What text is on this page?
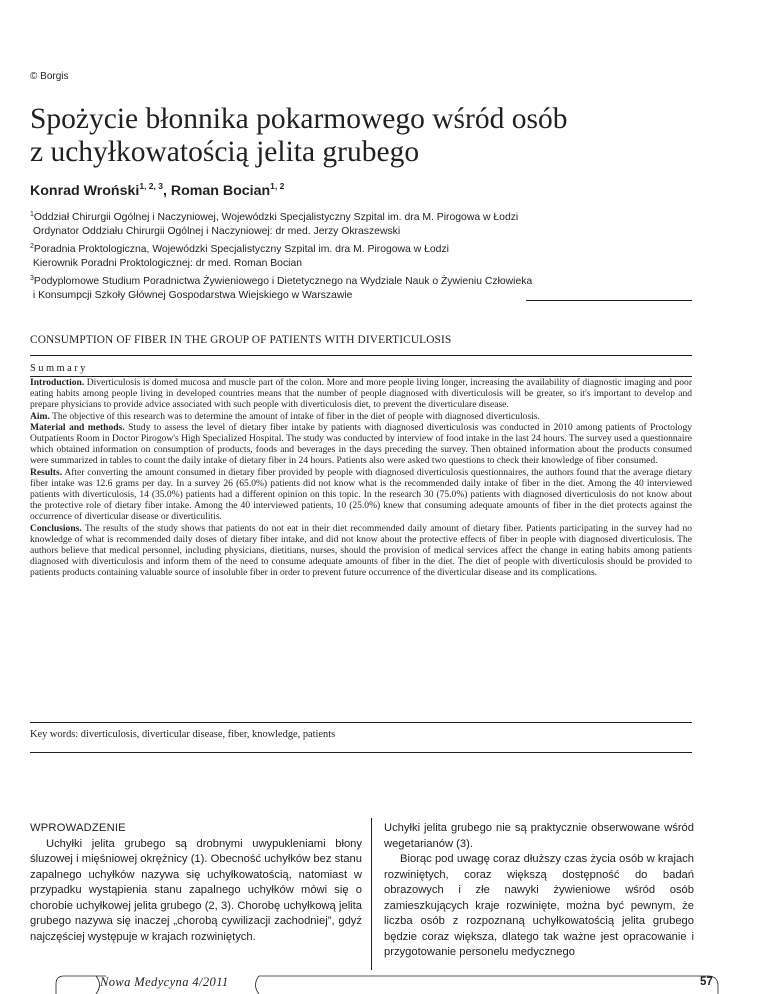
© Borgis
Spożycie błonnika pokarmowego wśród osób
z uchyłkowatością jelita grubego
Konrad Wroński$^{1, 2, 3}$, Roman Bocian$^{1, 2}$
$^1$Oddział Chirurgii Ogólnej i Naczyniowej, Wojewódzki Specjalistyczny Szpital im. dra M. Pirogowa w Łodzi
Ordynator Oddziału Chirurgii Ogólnej i Naczyniowej: dr med. Jerzy Okraszewski
$^2$Poradnia Proktologiczna, Wojewódzki Specjalistyczny Szpital im. dra M. Pirogowa w Łodzi
Kierownik Poradni Proktologicznej: dr med. Roman Bocian
$^3$Podyplomowe Studium Poradnictwa Żywieniowego i Dietetycznego na Wydziale Nauk o Żywieniu Człowieka
i Konsumpcji Szkoły Głównej Gospodarstwa Wiejskiego w Warszawie
CONSUMPTION OF FIBER IN THE GROUP OF PATIENTS WITH DIVERTICULOSIS
Summary

Introduction. Diverticulosis is domed mucosa and muscle part of the colon. More and more people living longer, increasing the availability of diagnostic imaging and poor eating habits among people living in developed countries means that the number of people diagnosed with diverticulosis will be greater, so it's important to develop and prepare physicians to provide advice associated with such people with diverticulosis diet, to prevent the diverticulare disease.

Aim. The objective of this research was to determine the amount of intake of fiber in the diet of people with diagnosed diverticulosis.

Material and methods. Study to assess the level of dietary fiber intake by patients with diagnosed diverticulosis was conducted in 2010 among patients of Proctology Outpatients Room in Doctor Pirogow's High Specialized Hospital. The study was conducted by interview of food intake in the last 24 hours. The survey used a questionnaire which obtained information on consumption of products, foods and beverages in the days preceding the survey. Then obtained information about the products consumed were summarized in tables to count the daily intake of dietary fiber in 24 hours. Patients also were asked two questions to check their knowledge of fiber consumed.

Results. After converting the amount consumed in dietary fiber provided by people with diagnosed diverticulosis questionnaires, the authors found that the average dietary fiber intake was 12.6 grams per day. In a survey 26 (65.0%) patients did not know what is the recommended daily intake of fiber in the diet. Among the 40 interviewed patients with diverticulosis, 14 (35.0%) patients had a different opinion on this topic. In the research 30 (75.0%) patients with diagnosed diverticulosis do not know about the protective role of dietary fiber intake. Among the 40 interviewed patients, 10 (25.0%) knew that consuming adequate amounts of fiber in the diet protects against the occurrence of diverticular disease or diverticulitis.

Conclusions. The results of the study shows that patients do not eat in their diet recommended daily amount of dietary fiber. Patients participating in the survey had no knowledge of what is recommended daily doses of dietary fiber intake, and did not know about the protective effects of fiber in people with diagnosed diverticulosis. The authors believe that medical personnel, including physicians, dietitians, nurses, should the provision of medical services affect the change in eating habits among patients diagnosed with diverticulosis and inform them of the need to consume adequate amounts of fiber in the diet. The diet of people with diverticulosis should be provided to patients products containing valuable source of insoluble fiber in order to prevent future occurrence of the diverticular disease and its complications.

Key words: diverticulosis, diverticular disease, fiber, knowledge, patients
WPROWADZENIE

Uchyłki jelita grubego są drobnymi uwypukleniami błony śluzowej i mięśniowej okrężnicy (1). Obecność uchyłków bez stanu zapalnego uchyłków nazywa się uchyłkowatością, natomiast w przypadku wystąpienia stanu zapalnego uchyłków mówi się o chorobie uchyłkowej jelita grubego (2, 3). Chorobę uchyłkową jelita grubego nazywa się inaczej „chorobą cywilizacji zachodniej”, gdyż najczęściej występuje w krajach rozwiniętych.

Uchyłki jelita grubego nie są praktycznie obserwowane wśród wegetarianów (3).

Biorąc pod uwagę coraz dłuższy czas życia osób w krajach rozwiniętych, coraz większą dostępność do badań obrazowych i złe nawyki żywieniowe wśród osób zamieszkujących kraje rozwinięte, można być pewnym, że liczba osób z rozpoznaną uchyłkowatością jelita grubego będzie coraz większa, dlatego tak ważne jest opracowanie i przygotowanie personelu medycznego

Nowa Medycyna 4/2011	57
